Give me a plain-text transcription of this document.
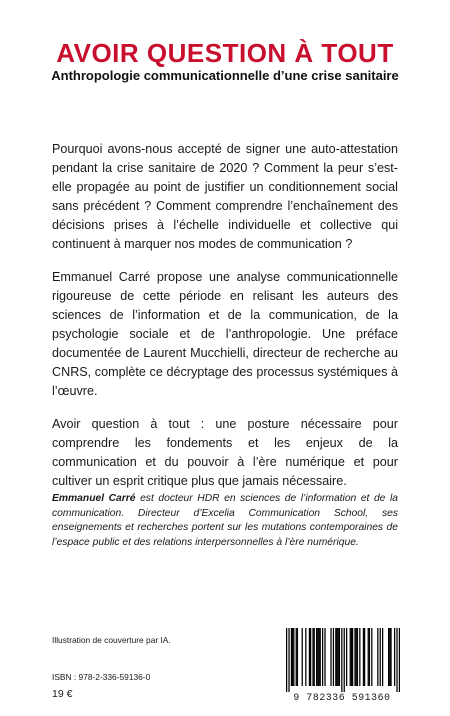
AVOIR QUESTION À TOUT
Anthropologie communicationnelle d’une crise sanitaire

Pourquoi avons-nous accepté de signer une auto-attestation pendant la crise sanitaire de 2020 ? Comment la peur s’est-elle propagée au point de justifier un conditionnement social sans précédent ? Comment comprendre l’enchaînement des décisions prises à l’échelle individuelle et collective qui continuent à marquer nos modes de communication ?

Emmanuel Carré propose une analyse communicationnelle rigoureuse de cette période en relisant les auteurs des sciences de l’information et de la communication, de la psychologie sociale et de l’anthropologie. Une préface documentée de Laurent Mucchielli, directeur de recherche au CNRS, complète ce décryptage des processus systémiques à l’œuvre.

Avoir question à tout : une posture nécessaire pour comprendre les fondements et les enjeux de la communication et du pouvoir à l’ère numérique et pour cultiver un esprit critique plus que jamais nécessaire.

Emmanuel Carré est docteur HDR en sciences de l’information et de la communication. Directeur d’Excelia Communication School, ses enseignements et recherches portent sur les mutations contemporaines de l’espace public et des relations interpersonnelles à l’ère numérique.

Illustration de couverture par IA.

ISBN : 978-2-336-59136-0

19 €	9 782336 591360
